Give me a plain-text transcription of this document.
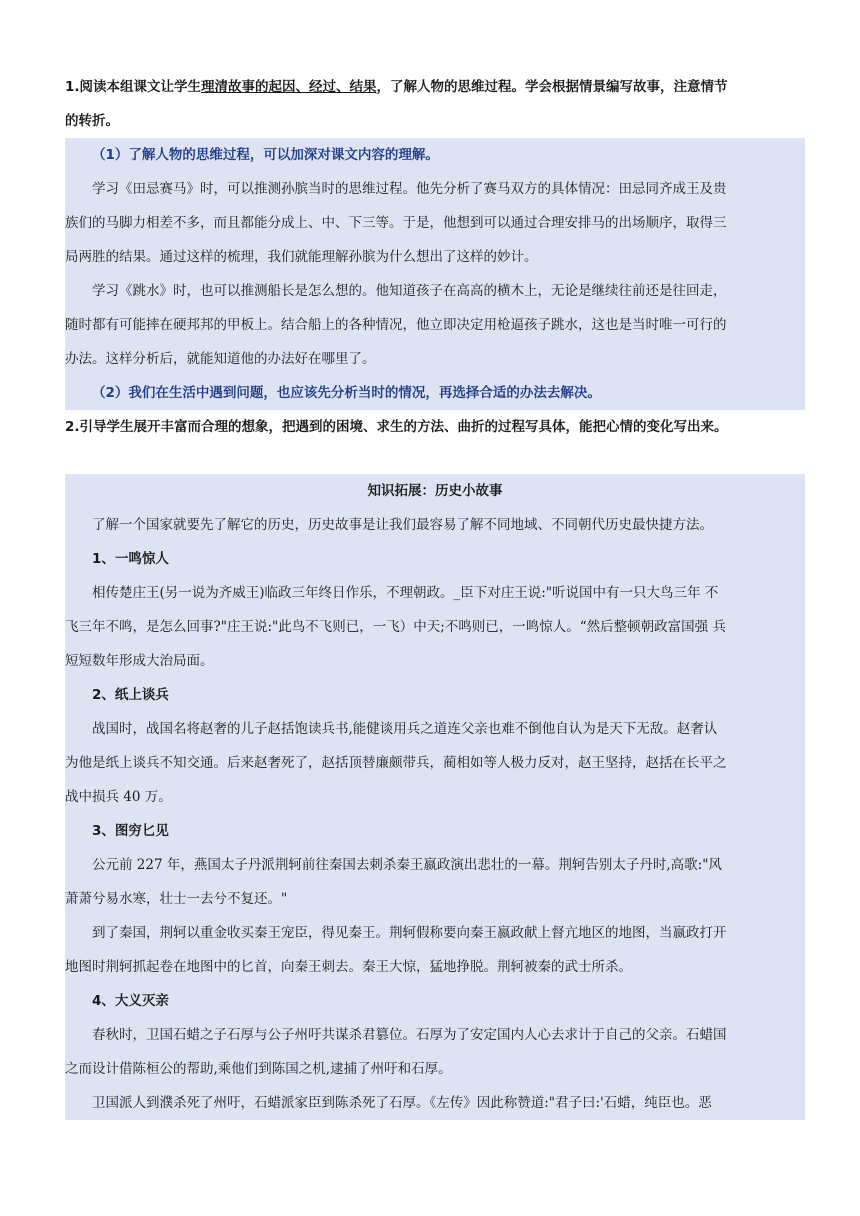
1.阅读本组课文让学生理清故事的起因、经过、结果，了解人物的思维过程。学会根据情景编写故事，注意情节
的转折。
（1）了解人物的思维过程，可以加深对课文内容的理解。
学习《田忌赛马》时，可以推测孙膑当时的思维过程。他先分析了赛马双方的具体情况：田忌同齐成王及贵
族们的马脚力相差不多，而且都能分成上、中、下三等。于是，他想到可以通过合理安排马的出场顺序，取得三
局两胜的结果。通过这样的梳理，我们就能理解孙膑为什么想出了这样的妙计。
学习《跳水》时，也可以推测船长是怎么想的。他知道孩子在高高的横木上，无论是继续往前还是往回走，
随时都有可能摔在硬邦邦的甲板上。结合船上的各种情况，他立即决定用枪逼孩子跳水，这也是当时唯一可行的
办法。这样分析后，就能知道他的办法好在哪里了。
（2）我们在生活中遇到问题，也应该先分析当时的情况，再选择合适的办法去解决。
2.引导学生展开丰富而合理的想象，把遇到的困境、求生的方法、曲折的过程写具体，能把心情的变化写出来。
知识拓展：历史小故事
了解一个国家就要先了解它的历史，历史故事是让我们最容易了解不同地域、不同朝代历史最快捷方法。
1、一鸣惊人
相传楚庄王(另一说为齐威王)临政三年终日作乐，不理朝政。_臣下对庄王说:"听说国中有一只大鸟三年 不
飞三年不鸣，是怎么回事?"庄王说:"此鸟不飞则已，一飞）中天;不鸣则已，一鸣惊人。“然后整顿朝政富国强 兵
短短数年形成大治局面。
2、纸上谈兵
战国时，战国名将赵奢的儿子赵括饱读兵书,能健谈用兵之道连父亲也难不倒他自认为是天下无敌。赵奢认
为他是纸上谈兵不知交通。后来赵奢死了，赵括顶替廉颇带兵，蔺相如等人极力反对，赵王坚持，赵括在长平之
战中损兵 40 万。
3、图穷匕见
公元前 227 年，燕国太子丹派荆轲前往秦国去刺杀秦王嬴政演出悲壮的一幕。荆轲告别太子丹时,高歌:"风
萧萧兮易水寒，壮士一去兮不复还。"
到了秦国，荆轲以重金收买秦王宠臣，得见秦王。荆轲假称要向秦王嬴政献上督亢地区的地图，当嬴政打开
地图时荆轲抓起卷在地图中的匕首，向秦王刺去。秦王大惊，猛地挣脱。荆轲被秦的武士所杀。
4、大义灭亲
春秋时，卫国石蜡之子石厚与公子州吁共谋杀君篡位。石厚为了安定国内人心去求计于自己的父亲。石蜡国
之而设计借陈桓公的帮助,乘他们到陈国之机,逮捕了州吁和石厚。
卫国派人到濮杀死了州吁，石蜡派家臣到陈杀死了石厚。《左传》因此称赞道:"君子曰:'石蜡，纯臣也。恶
